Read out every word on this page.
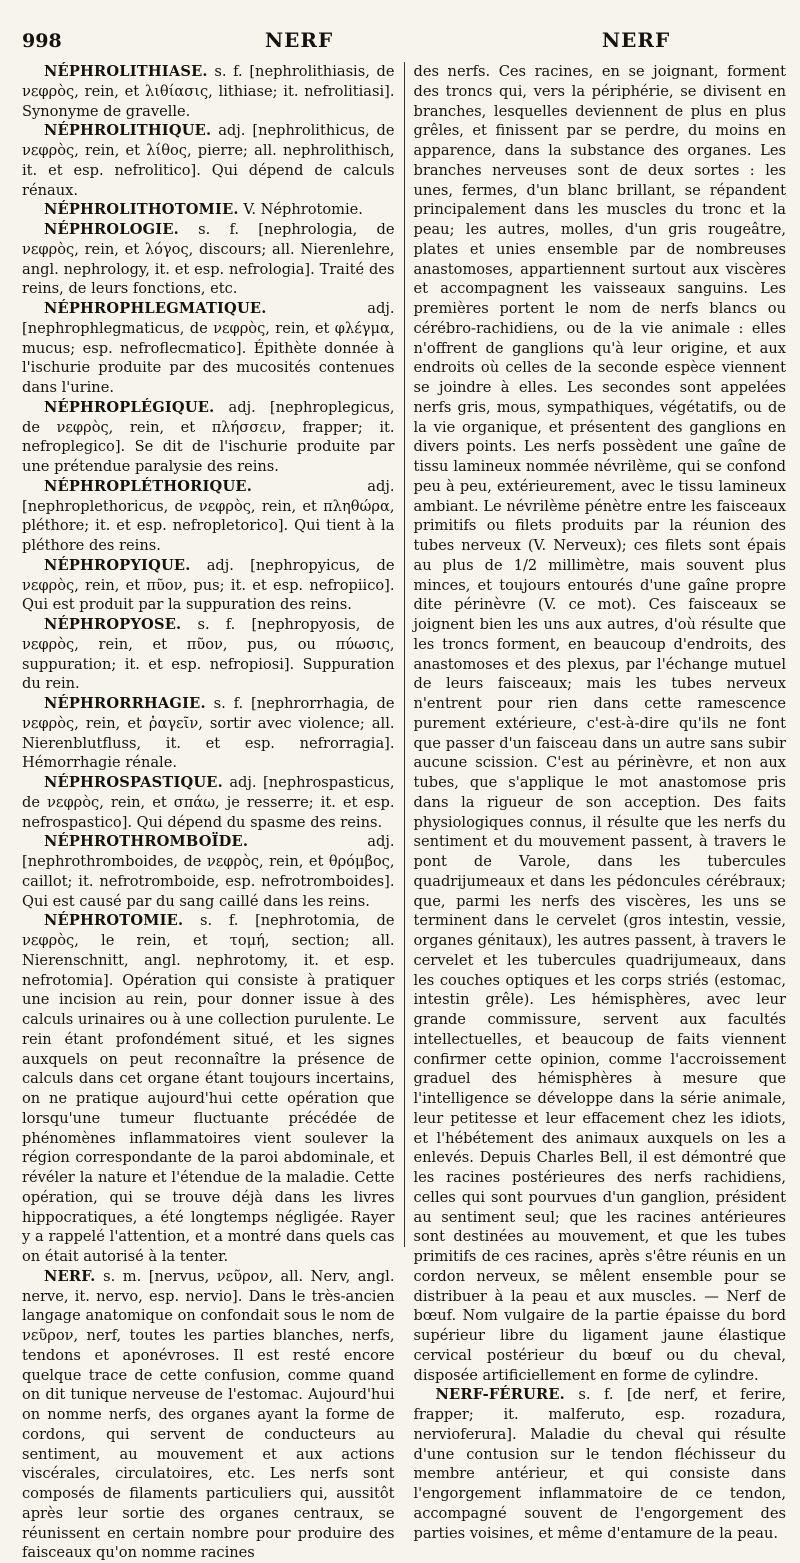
998	NERF	NERF

NÉPHROLITHIASE. s. f. [nephrolithiasis, de νεφρὸς, rein, et λιθίασις, lithiase; it. nefrolitiasi]. Synonyme de gravelle.

NÉPHROLITHIQUE. adj. [nephrolithicus, de νεφρὸς, rein, et λίθος, pierre; all. nephrolithisch, it. et esp. nefrolitico]. Qui dépend de calculs rénaux.

NÉPHROLITHOTOMIE. V. Néphrotomie.

NÉPHROLOGIE. s. f. [nephrologia, de νεφρὸς, rein, et λόγος, discours; all. Nierenlehre, angl. nephrology, it. et esp. nefrologia]. Traité des reins, de leurs fonctions, etc.

NÉPHROPHLEGMATIQUE.	adj. [nephrophlegmaticus, de νεφρὸς, rein, et φλέγμα, mucus; esp. nefroflecmatico]. Épithète donnée à l'ischurie produite par des mucosités contenues dans l'urine.

NÉPHROPLÉGIQUE. adj. [nephroplegicus, de νεφρὸς, rein, et πλήσσειν, frapper; it. nefroplegico]. Se dit de l'ischurie produite par une prétendue paralysie des reins.

NÉPHROPLÉTHORIQUE.	adj. [nephroplethoricus, de νεφρὸς, rein, et πληθώρα, pléthore; it. et esp. nefropletorico]. Qui tient à la pléthore des reins.

NÉPHROPYIQUE. adj. [nephropyicus, de νεφρὸς, rein, et πῦον, pus; it. et esp. nefropiico]. Qui est produit par la suppuration des reins.

NÉPHROPYOSE. s. f. [nephropyosis, de νεφρὸς, rein, et πῦον, pus, ou πύωσις, suppuration; it. et esp. nefropiosi]. Suppuration du rein.

NÉPHRORRHAGIE. s. f. [nephrorrhagia, de νεφρὸς, rein, et ῥαγεῖν, sortir avec violence; all. Nierenblutfluss, it. et esp. nefrorragia]. Hémorrhagie rénale.

NÉPHROSPASTIQUE. adj. [nephrospasticus, de νεφρὸς, rein, et σπάω, je resserre; it. et esp. nefrospastico]. Qui dépend du spasme des reins.

NÉPHROTHROMBOÏDE.	adj. [nephrothromboides, de νεφρὸς, rein, et θρόμβος, caillot; it. nefrotromboide, esp. nefrotromboides]. Qui est causé par du sang caillé dans les reins.

NÉPHROTOMIE. s. f. [nephrotomia, de νεφρὸς, le rein, et τομή, section; all. Nierenschnitt, angl. nephrotomy, it. et esp. nefrotomia]. Opération qui consiste à pratiquer une incision au rein, pour donner issue à des calculs urinaires ou à une collection purulente. Le rein étant profondément situé, et les signes auxquels on peut reconnaître la présence de calculs dans cet organe étant toujours incertains, on ne pratique aujourd'hui cette opération que lorsqu'une tumeur fluctuante précédée de phénomènes inflammatoires vient soulever la région correspondante de la paroi abdominale, et révéler la nature et l'étendue de la maladie. Cette opération, qui se trouve déjà dans les livres hippocratiques, a été longtemps négligée. Rayer y a rappelé l'attention, et a montré dans quels cas on était autorisé à la tenter.

NERF. s. m. [nervus, νεῦρον, all. Nerv, angl. nerve, it. nervo, esp. nervio]. Dans le très-ancien langage anatomique on confondait sous le nom de νεῦρον, nerf, toutes les parties blanches, nerfs, tendons et aponévroses. Il est resté encore quelque trace de cette confusion, comme quand on dit tunique nerveuse de l'estomac. Aujourd'hui on nomme nerfs, des organes ayant la forme de cordons, qui servent de conducteurs au sentiment, au mouvement et aux actions viscérales, circulatoires, etc. Les nerfs sont composés de filaments particuliers qui, aussitôt après leur sortie des organes centraux, se réunissent en certain nombre pour produire des faisceaux qu'on nomme racines

des nerfs. Ces racines, en se joignant, forment des troncs qui, vers la périphérie, se divisent en branches, lesquelles deviennent de plus en plus grêles, et finissent par se perdre, du moins en apparence, dans la substance des organes. Les branches nerveuses sont de deux sortes : les unes, fermes, d'un blanc brillant, se répandent principalement dans les muscles du tronc et la peau; les autres, molles, d'un gris rougeâtre, plates et unies ensemble par de nombreuses anastomoses, appartiennent surtout aux viscères et accompagnent les vaisseaux sanguins. Les premières portent le nom de nerfs blancs ou cérébro-rachidiens, ou de la vie animale : elles n'offrent de ganglions qu'à leur origine, et aux endroits où celles de la seconde espèce viennent se joindre à elles. Les secondes sont appelées nerfs gris, mous, sympathiques, végétatifs, ou de la vie organique, et présentent des ganglions en divers points. Les nerfs possèdent une gaîne de tissu lamineux nommée névrilème, qui se confond peu à peu, extérieurement, avec le tissu lamineux ambiant. Le névrilème pénètre entre les faisceaux primitifs ou filets produits par la réunion des tubes nerveux (V. Nerveux); ces filets sont épais au plus de 1/2 millimètre, mais souvent plus minces, et toujours entourés d'une gaîne propre dite périnèvre (V. ce mot). Ces faisceaux se joignent bien les uns aux autres, d'où résulte que les troncs forment, en beaucoup d'endroits, des anastomoses et des plexus, par l'échange mutuel de leurs faisceaux; mais les tubes nerveux n'entrent pour rien dans cette ramescence purement extérieure, c'est-à-dire qu'ils ne font que passer d'un faisceau dans un autre sans subir aucune scission. C'est au périnèvre, et non aux tubes, que s'applique le mot anastomose pris dans la rigueur de son acception. Des faits physiologiques connus, il résulte que les nerfs du sentiment et du mouvement passent, à travers le pont de Varole, dans les tubercules quadrijumeaux et dans les pédoncules cérébraux; que, parmi les nerfs des viscères, les uns se terminent dans le cervelet (gros intestin, vessie, organes génitaux), les autres passent, à travers le cervelet et les tubercules quadrijumeaux, dans les couches optiques et les corps striés (estomac, intestin grêle). Les hémisphères, avec leur grande commissure, servent aux facultés intellectuelles, et beaucoup de faits viennent confirmer cette opinion, comme l'accroissement graduel des hémisphères à mesure que l'intelligence se développe dans la série animale, leur petitesse et leur effacement chez les idiots, et l'hébétement des animaux auxquels on les a enlevés. Depuis Charles Bell, il est démontré que les racines postérieures des nerfs rachidiens, celles qui sont pourvues d'un ganglion, président au sentiment seul; que les racines antérieures sont destinées au mouvement, et que les tubes primitifs de ces racines, après s'être réunis en un cordon nerveux, se mêlent ensemble pour se distribuer à la peau et aux muscles. — Nerf de bœuf. Nom vulgaire de la partie épaisse du bord supérieur libre du ligament jaune élastique cervical postérieur du bœuf ou du cheval, disposée artificiellement en forme de cylindre.

NERF-FÉRURE. s. f. [de nerf, et ferire, frapper; it. malferuto, esp. rozadura, nervioferura]. Maladie du cheval qui résulte d'une contusion sur le tendon fléchisseur du membre antérieur, et qui consiste dans l'engorgement inflammatoire de ce tendon, accompagné souvent de l'engorgement des parties voisines, et même d'entamure de la peau.
